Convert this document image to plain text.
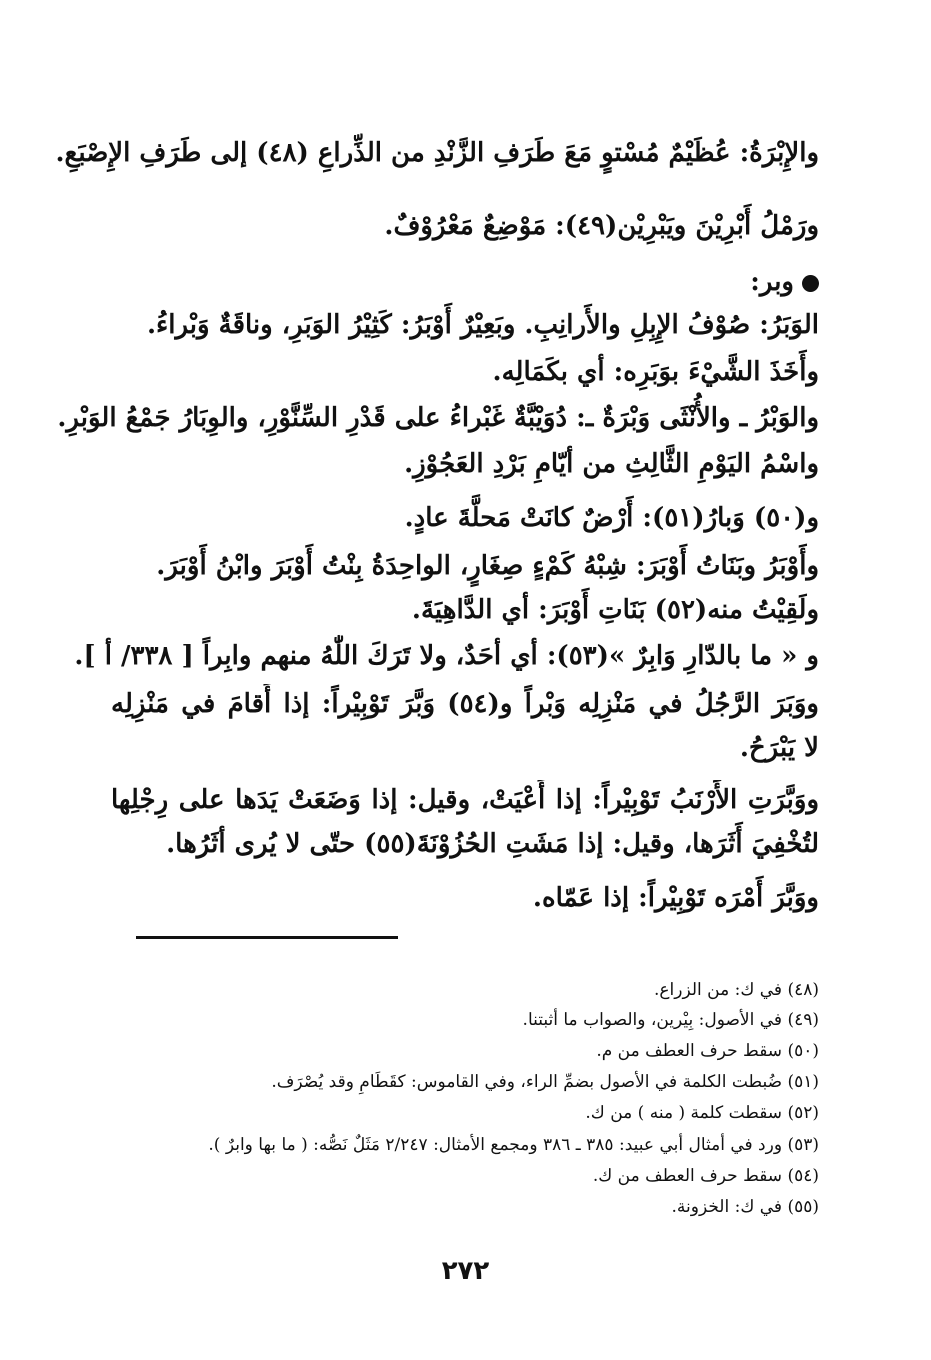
والإِبْرَةُ: عُظَيْمٌ مُسْتوٍ مَعَ طَرَفِ الزَّنْدِ من الذِّراعِ (٤٨) إلى طَرَفِ الإِصْبَعِ.
ورَمْلُ أَبْرِيْنَ ويَبْرِيْن(٤٩): مَوْضِعٌ مَعْرُوْفٌ.
وبر:
الوَبَرُ: صُوْفُ الإِبِلِ والأَرانِبِ. وبَعِيْرٌ أَوْبَرُ: كَثِيْرُ الوَبَرِ، وناقَةٌ وَبْراءُ.
وأَخَذَ الشَّيْءَ بوَبَرِه: أي بكَمَالِه.
والوَبْرُ ـ والأُنْثَى وَبْرَةٌ ـ: دُوَيْبَّةٌ غَبْراءُ على قَدْرِ السِّنَّوْرِ، والوِبَارُ جَمْعُ الوَبْرِ.
واسْمُ اليَوْمِ الثَّالِثِ من أيّامِ بَرْدِ العَجُوْزِ.
و(٥٠) وَبارُ(٥١): أَرْضٌ كانَتْ مَحلَّةَ عادٍ.
وأَوْبَرُ وبَنَاتُ أَوْبَرَ: شِبْهُ كَمْءٍ صِغَارٍ، الواحِدَةُ بِنْتُ أَوْبَرَ وابْنُ أَوْبَرَ.
ولَقِيْتُ منه(٥٢) بَنَاتِ أَوْبَرَ: أي الدَّاهِيَةَ.
و « ما بالدّارِ وَابِرٌ »(٥٣): أي أحَدٌ، ولا تَرَكَ اللّٰهُ منهم وابِراً [ ٣٣٨/ أ ].
ووَبَرَ الرَّجُلُ في مَنْزِلِه وَبْراً و(٥٤) وَبَّرَ تَوْبِيْراً: إذا أَقامَ في مَنْزِلِه
لا يَبْرَحُ.
ووَبَّرَتِ الأَرْنَبُ تَوْبِيْراً: إذا أَعْيَتْ، وقيل: إذا وَضَعَتْ يَدَها على رِجْلِها
لتُخْفِيَ أَثَرَها، وقيل: إذا مَشَتِ الحُزُوْنَةَ(٥٥) حتّى لا يُرى أثَرُها.
ووَبَّرَ أَمْرَه تَوْبِيْراً: إذا عَمّاه.
(٤٨) في ك: من الزراع.
(٤٩) في الأصول: بِيْرين، والصواب ما أثبتنا.
(٥٠) سقط حرف العطف من م.
(٥١) ضُبطت الكلمة في الأصول بضمِّ الراء، وفي القاموس: كقَطَامِ وقد يُصْرَف.
(٥٢) سقطت كلمة ( منه ) من ك.
(٥٣) ورد في أمثال أبي عبيد: ٣٨٥ ـ ٣٨٦ ومجمع الأمثال: ٢/٢٤٧ مَثَلٌ نَصُّه: ( ما بها وابرٌ ).
(٥٤) سقط حرف العطف من ك.
(٥٥) في ك: الخزونة.
٢٧٢
